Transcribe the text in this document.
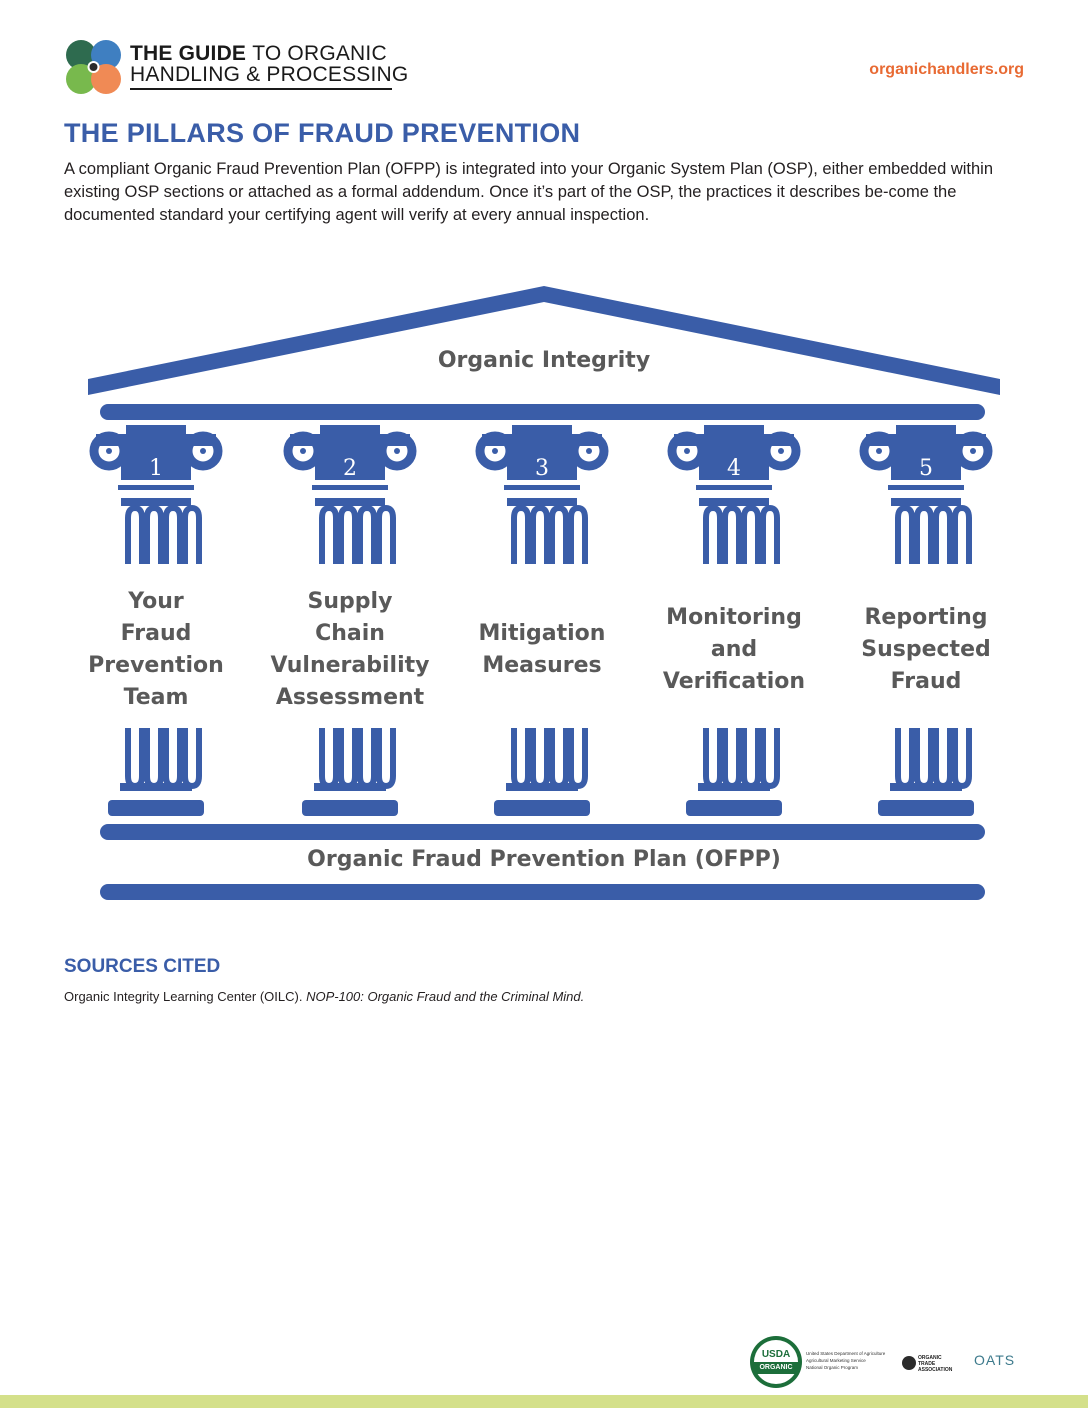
THE GUIDE TO ORGANIC
HANDLING & PROCESSING	organichandlers.org
THE PILLARS OF FRAUD PREVENTION

A compliant Organic Fraud Prevention Plan (OFPP) is integrated into your Organic System Plan (OSP), either embedded within existing OSP sections or attached as a formal addendum. Once it’s part of the OSP, the practices it describes be-come the documented standard your certifying agent will verify at every annual inspection.

1	2	3	4	5
Organic Integrity
Your
Fraud
Prevention
Team
Supply
Chain
Vulnerability
Assessment
Mitigation
Measures
Monitoring
and
Verification
Reporting
Suspected
Fraud
Organic Fraud Prevention Plan (OFPP)
SOURCES CITED

Organic Integrity Learning Center (OILC). NOP-100: Organic Fraud and the Criminal Mind.

USDA
ORGANIC
United States Department of Agriculture
Agricultural Marketing Service
National Organic Program
ORGANIC
TRADE
ASSOCIATION
OATS
